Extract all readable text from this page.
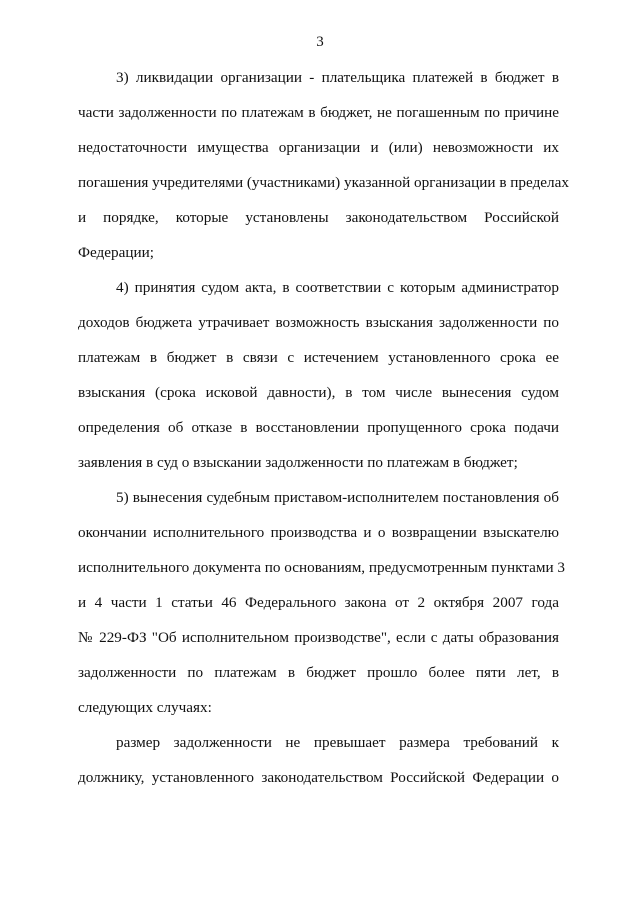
3
3) ликвидации организации - плательщика платежей в бюджет в
части задолженности по платежам в бюджет, не погашенным по причине
недостаточности имущества организации и (или) невозможности их
погашения учредителями (участниками) указанной организации в пределах
и порядке, которые установлены законодательством Российской
Федерации;
4) принятия судом акта, в соответствии с которым администратор
доходов бюджета утрачивает возможность взыскания задолженности по
платежам в бюджет в связи с истечением установленного срока ее
взыскания (срока исковой давности), в том числе вынесения судом
определения об отказе в восстановлении пропущенного срока подачи
заявления в суд о взыскании задолженности по платежам в бюджет;
5) вынесения судебным приставом-исполнителем постановления об
окончании исполнительного производства и о возвращении взыскателю
исполнительного документа по основаниям, предусмотренным пунктами 3
и 4 части 1 статьи 46 Федерального закона от 2 октября 2007 года
№ 229-ФЗ "Об исполнительном производстве", если с даты образования
задолженности по платежам в бюджет прошло более пяти лет, в
следующих случаях:
размер задолженности не превышает размера требований к
должнику, установленного законодательством Российской Федерации о
